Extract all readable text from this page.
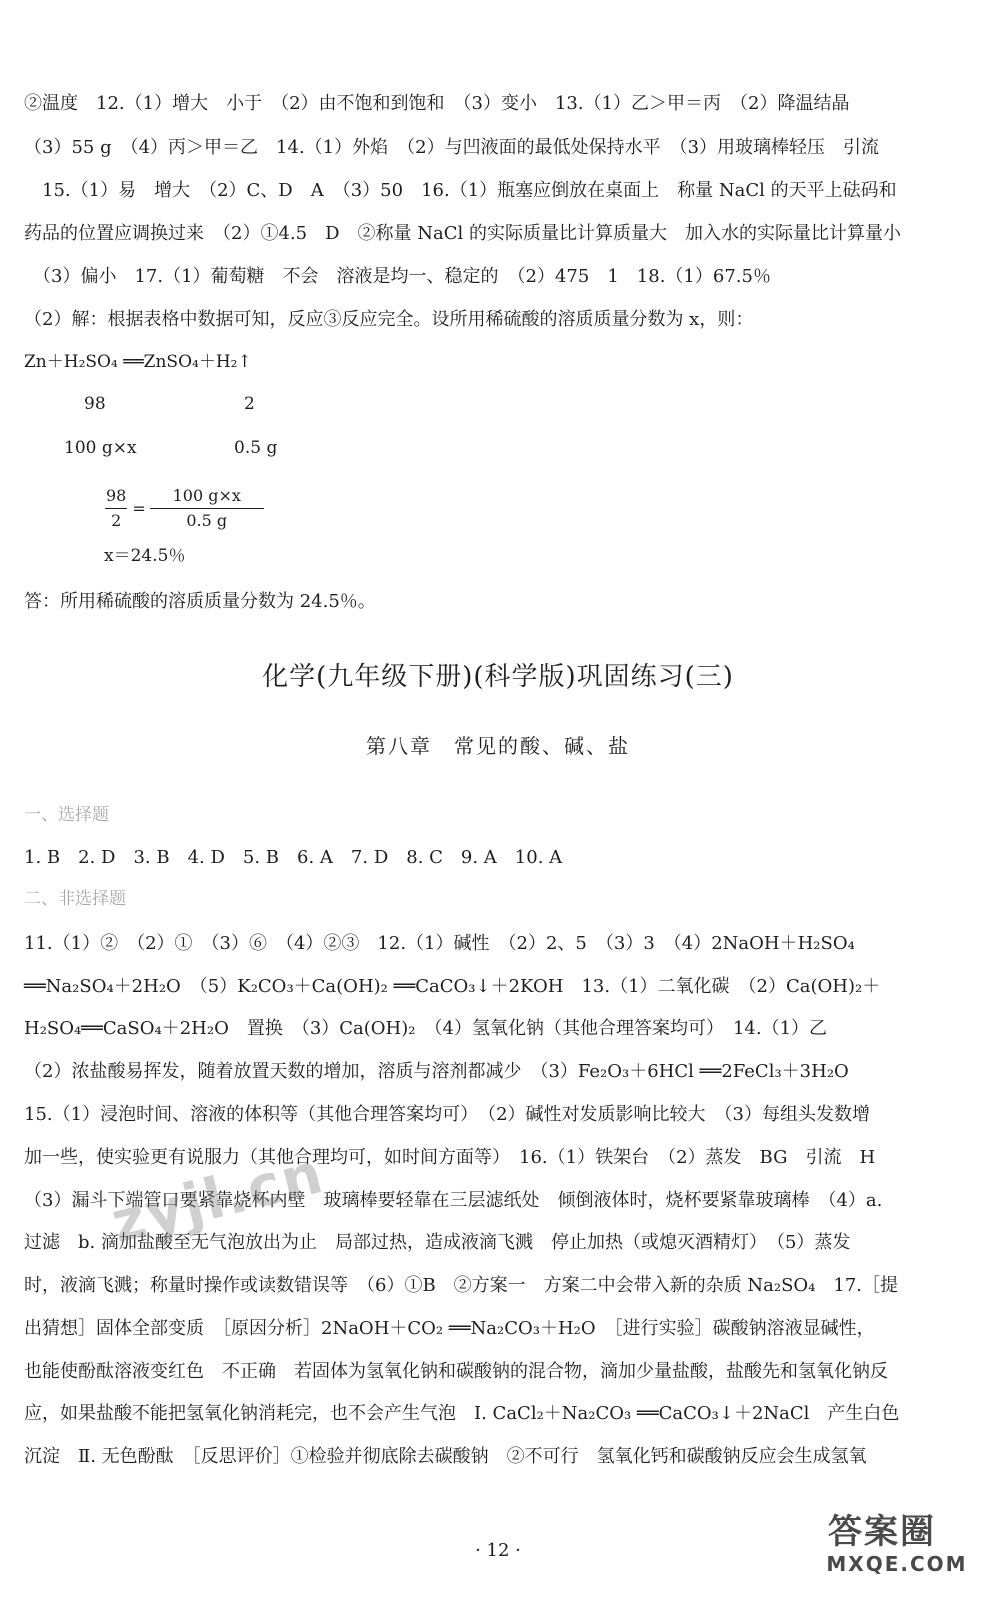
②温度　12.（1）增大　小于　（2）由不饱和到饱和　（3）变小　13.（1）乙＞甲＝丙　（2）降温结晶
（3）55 g　（4）丙＞甲＝乙　14.（1）外焰　（2）与凹液面的最低处保持水平　（3）用玻璃棒轻压　引流
　15.（1）易　增大　（2）C、D　A　（3）50　16.（1）瓶塞应倒放在桌面上　称量 NaCl 的天平上砝码和
药品的位置应调换过来　（2）①4.5　D　②称量 NaCl 的实际质量比计算质量大　加入水的实际量比计算量小
　（3）偏小　17.（1）葡萄糖　不会　溶液是均一、稳定的　（2）475　1　18.（1）67.5％
（2）解：根据表格中数据可知，反应③反应完全。设所用稀硫酸的溶质质量分数为 x，则：
Zn＋H₂SO₄ ══ZnSO₄＋H₂↑
98	2
100 g×x	0.5 g
$\frac{98}{2} = \frac{100 g\times x}{0.5 g}$
x＝24.5％
答：所用稀硫酸的溶质质量分数为 24.5％。
化学(九年级下册)(科学版)巩固练习(三)
第八章　常见的酸、碱、盐
一、选择题
1. B　2. D　3. B　4. D　5. B　6. A　7. D　8. C　9. A　10. A
二、非选择题
11.（1）②　（2）①　（3）⑥　（4）②③　12.（1）碱性　（2）2、5　（3）3　（4）2NaOH＋H₂SO₄
══Na₂SO₄＋2H₂O　（5）K₂CO₃＋Ca(OH)₂ ══CaCO₃↓＋2KOH　13.（1）二氧化碳　（2）Ca(OH)₂＋
H₂SO₄══CaSO₄＋2H₂O　置换　（3）Ca(OH)₂　（4）氢氧化钠（其他合理答案均可）　14.（1）乙
（2）浓盐酸易挥发，随着放置天数的增加，溶质与溶剂都减少　（3）Fe₂O₃＋6HCl ══2FeCl₃＋3H₂O
15.（1）浸泡时间、溶液的体积等（其他合理答案均可）　（2）碱性对发质影响比较大　（3）每组头发数增
加一些，使实验更有说服力（其他合理均可，如时间方面等）　16.（1）铁架台　（2）蒸发　BG　引流　H
（3）漏斗下端管口要紧靠烧杯内壁　玻璃棒要轻靠在三层滤纸处　倾倒液体时，烧杯要紧靠玻璃棒　（4）a.
过滤　b. 滴加盐酸至无气泡放出为止　局部过热，造成液滴飞溅　停止加热（或熄灭酒精灯）　（5）蒸发
时，液滴飞溅；称量时操作或读数错误等　（6）①B　②方案一　方案二中会带入新的杂质 Na₂SO₄　17.［提
出猜想］固体全部变质　［原因分析］2NaOH＋CO₂ ══Na₂CO₃＋H₂O　［进行实验］碳酸钠溶液显碱性，
也能使酚酞溶液变红色　不正确　若固体为氢氧化钠和碳酸钠的混合物，滴加少量盐酸，盐酸先和氢氧化钠反
应，如果盐酸不能把氢氧化钠消耗完，也不会产生气泡　Ⅰ. CaCl₂＋Na₂CO₃ ══CaCO₃↓＋2NaCl　产生白色
沉淀　Ⅱ. 无色酚酞　［反思评价］①检验并彻底除去碳酸钠　②不可行　氢氧化钙和碳酸钠反应会生成氢氧
zyjl.cn
· 12 ·	答案圈
MXQE.COM
